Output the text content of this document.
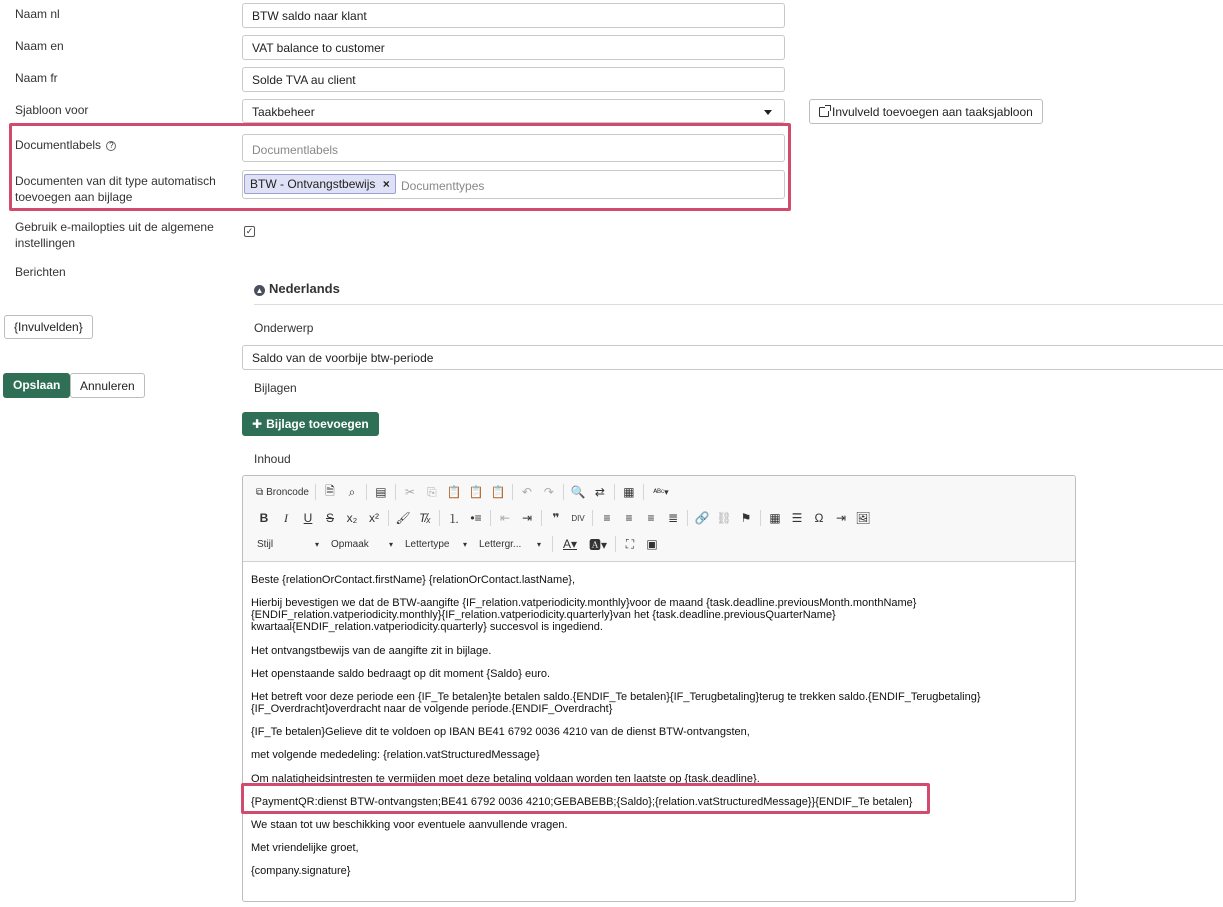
Naam nl
Naam en
Naam fr
Sjabloon voor
Documentlabels ?
Documenten van dit type automatisch
toevoegen aan bijlage
Gebruik e-mailopties uit de algemene
instellingen
Berichten
BTW saldo naar klant
VAT balance to customer
Solde TVA au client
Taakbeheer	Invulveld toevoegen aan taaksjabloon
Documentlabels
Documenttypes
BTW - Ontvangstbewijs ×
✓
{Invulvelden}
Opslaan	Annuleren
▲ Nederlands
Onderwerp
Saldo van de voorbije btw-periode
Bijlagen
✚ Bijlage toevoegen
Inhoud
⧉ Broncode	🗎	⌕	▤	✂	⎘ 📋 📋 📋	↶ ↷	🔍 ⇄	▦	ᴬᴮᶜ▾
B	I	U	S	x₂ x²	🖌 T̸ₓ	⒈ •≡	⇤ ⇥	❞	DIV	≡	≡	≡	≣	🔗 ⛓ ⚑	▦ ☰	Ω	⇥ 🖼
Stijl	▾ Opmaak	▾ Lettertype ▾ Lettergr... ▾	A▾ 🅰▾	⛶	▣

Beste {relationOrContact.firstName} {relationOrContact.lastName},

Hierbij bevestigen we dat de BTW-aangifte {IF_relation.vatperiodicity.monthly}voor de maand {task.deadline.previousMonth.monthName}

{ENDIF_relation.vatperiodicity.monthly}{IF_relation.vatperiodicity.quarterly}van het {task.deadline.previousQuarterName}

kwartaal{ENDIF_relation.vatperiodicity.quarterly} succesvol is ingediend.

Het ontvangstbewijs van de aangifte zit in bijlage.

Het openstaande saldo bedraagt op dit moment {Saldo} euro.

Het betreft voor deze periode een {IF_Te betalen}te betalen saldo.{ENDIF_Te betalen}{IF_Terugbetaling}terug te trekken saldo.{ENDIF_Terugbetaling}

{IF_Overdracht}overdracht naar de volgende periode.{ENDIF_Overdracht}

{IF_Te betalen}Gelieve dit te voldoen op IBAN BE41 6792 0036 4210 van de dienst BTW-ontvangsten,

met volgende mededeling: {relation.vatStructuredMessage}

Om nalatigheidsintresten te vermijden moet deze betaling voldaan worden ten laatste op {task.deadline}.

{PaymentQR:dienst BTW-ontvangsten;BE41 6792 0036 4210;GEBABEBB;{Saldo};{relation.vatStructuredMessage}}{ENDIF_Te betalen}

We staan tot uw beschikking voor eventuele aanvullende vragen.

Met vriendelijke groet,

{company.signature}
